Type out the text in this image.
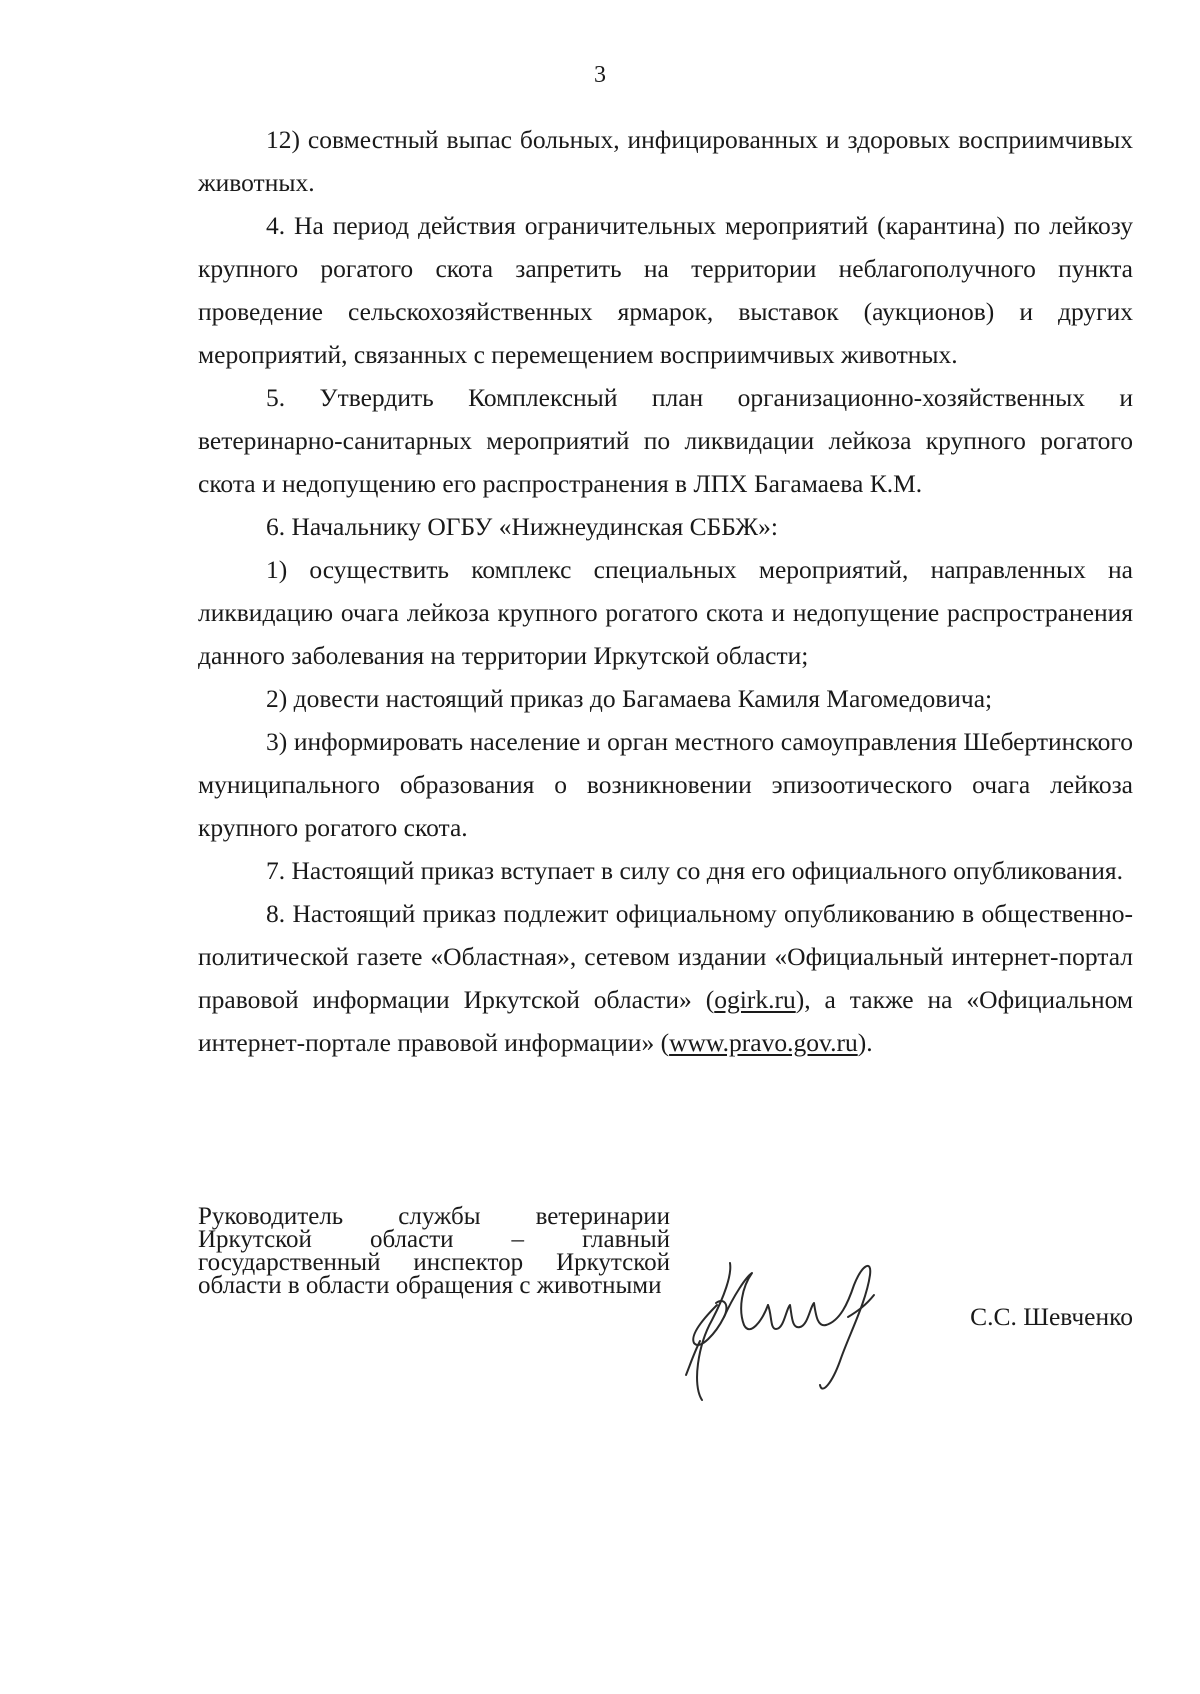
3

12) совместный выпас больных, инфицированных и здоровых восприимчивых животных.

4. На период действия ограничительных мероприятий (карантина) по лейкозу крупного рогатого скота запретить на территории неблагополучного пункта проведение сельскохозяйственных ярмарок, выставок (аукционов) и других мероприятий, связанных с перемещением восприимчивых животных.

5. Утвердить Комплексный план организационно-хозяйственных и ветеринарно-санитарных мероприятий по ликвидации лейкоза крупного рогатого скота и недопущению его распространения в ЛПХ Багамаева К.М.

6. Начальнику ОГБУ «Нижнеудинская СББЖ»:

1) осуществить комплекс специальных мероприятий, направленных на ликвидацию очага лейкоза крупного рогатого скота и недопущение распространения данного заболевания на территории Иркутской области;

2) довести настоящий приказ до Багамаева Камиля Магомедовича;

3) информировать население и орган местного самоуправления Шебертинского муниципального образования о возникновении эпизоотического очага лейкоза крупного рогатого скота.

7. Настоящий приказ вступает в силу со дня его официального опубликования.

8. Настоящий приказ подлежит официальному опубликованию в общественно-политической газете «Областная», сетевом издании «Официальный интернет-портал правовой информации Иркутской области» (ogirk.ru), а также на «Официальном интернет-портале правовой информации» (www.pravo.gov.ru).

Руководитель службы ветеринарии Иркутской области – главный государственный инспектор Иркутской области в области обращения с животными
С.С. Шевченко
